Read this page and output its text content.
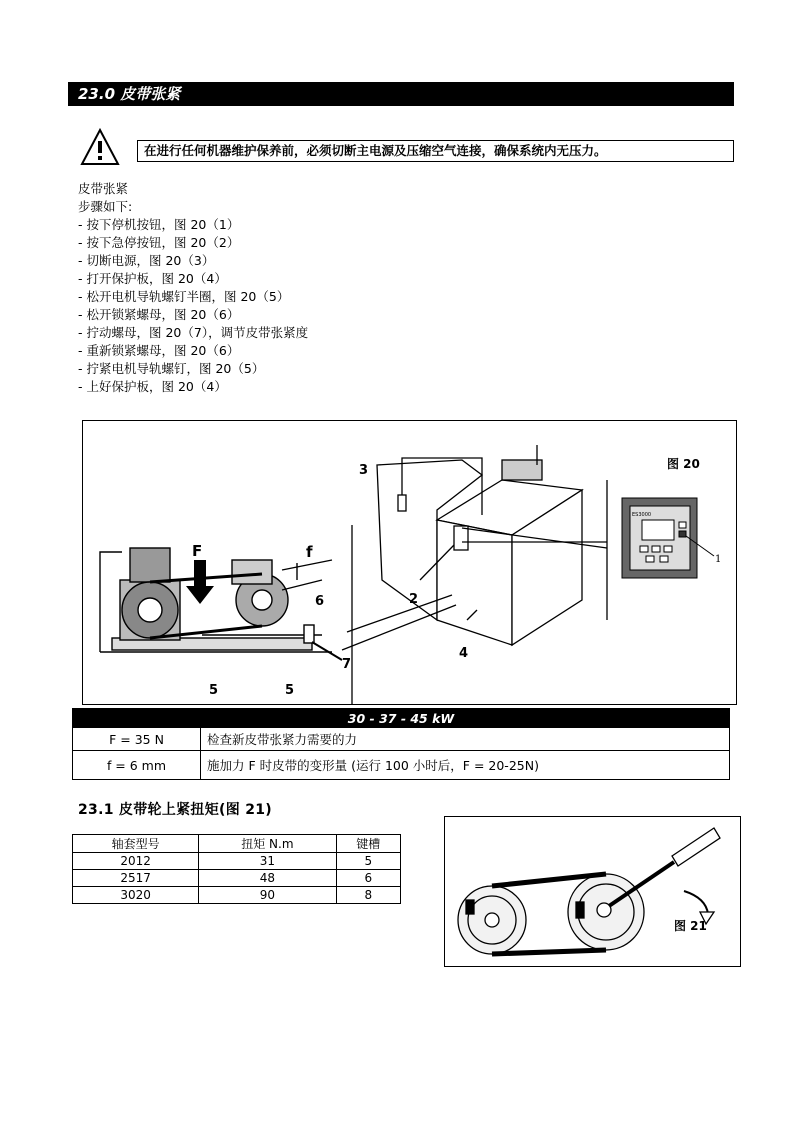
23.0 皮带张紧
在进行任何机器维护保养前，必须切断主电源及压缩空气连接，确保系统内无压力。
皮带张紧
步骤如下:
- 按下停机按钮，图 20（1）
- 按下急停按钮，图 20（2）
- 切断电源，图 20（3）
- 打开保护板，图 20（4）
- 松开电机导轨螺钉半圈，图 20（5）
- 松开锁紧螺母，图 20（6）
- 拧动螺母，图 20（7），调节皮带张紧度
- 重新锁紧螺母，图 20（6）
- 拧紧电机导轨螺钉，图 20（5）
- 上好保护板，图 20（4）
ES3000
1
2
3
4
5	5
6
7
F	f
图 20
30 - 37 - 45 kW	
F = 35 N	检查新皮带张紧力需要的力
f = 6 mm	施加力 F 时皮带的变形量 (运行 100 小时后，F = 20-25N)
23.1 皮带轮上紧扭矩(图 21)
轴套型号	扭矩 N.m	键槽
2012	31	5
2517	48	6
3020	90	8
图 21
